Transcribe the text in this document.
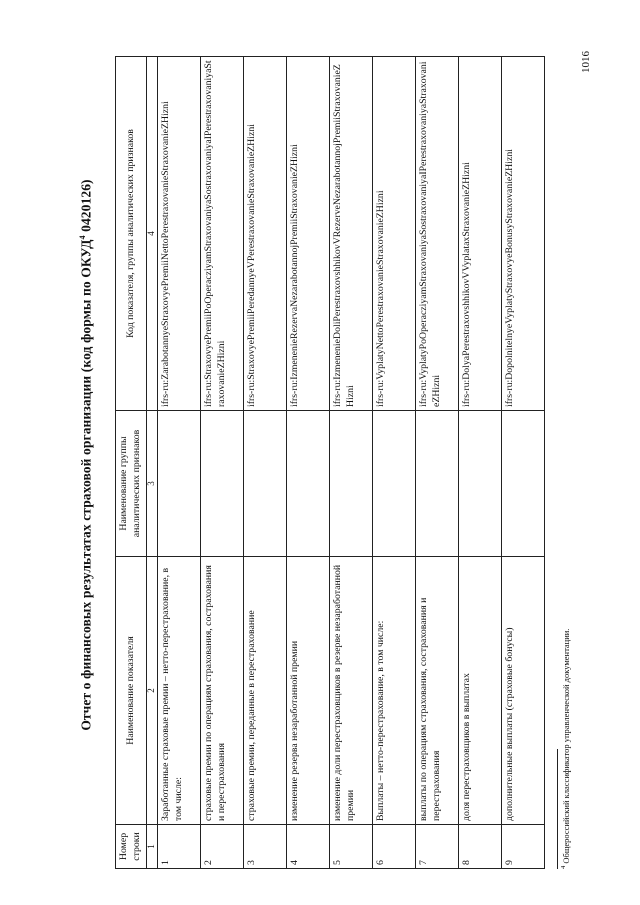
Отчет о финансовых результатах страховой организации (код формы по ОКУД$^4$ 0420126)
Номер строки	Наименование показателя	Наименование группы аналитических признаков	Код показателя, группы аналитических признаков
1	2	3	4
1	Заработанные страховые премии – нетто-перестрахование, в том числе:		ifrs-ru:ZarabotannyeStraxovyePremiiNettoPerestraxovanieStraxovanieZHizni
2	страховые премии по операциям страхования, сострахования и перестрахования		ifrs-ru:StraxovyePremiiPoOperacziyamStraxovaniyaSostraxovaniyaIPerestraxovaniyaStraxovanieZHizni
3	страховые премии, переданные в перестрахование		ifrs-ru:StraxovyePremiiPeredannyeVPerestraxovanieStraxovanieZHizni
4	изменение резерва незаработанной премии		ifrs-ru:IzmenenieRezervaNezarabotannojPremiiStraxovanieZHizni
5	изменение доли перестраховщиков в резерве незаработанной премии		ifrs-ru:IzmenenieDoliPerestraxovshhikovVRezerveNezarabotannojPremiiStraxovanieZHizni
6	Выплаты – нетто-перестрахование, в том числе:		ifrs-ru:VyplatyNettoPerestraxovanieStraxovanieZHizni
7	выплаты по операциям страхования, сострахования и перестрахования		ifrs-ru:VyplatyPoOperacziyamStraxovaniyaSostraxovaniyaIPerestraxovaniyaStraxovanieZHizni
8	доля перестраховщиков в выплатах		ifrs-ru:DolyaPerestraxovshhikovVVyplataxStraxovanieZHizni
9	дополнительные выплаты (страховые бонусы)		ifrs-ru:DopolnitelnyeVyplatyStraxovyeBonusyStraxovanieZHizni
$^4$ Общероссийский классификатор управленческой документации.
1016
